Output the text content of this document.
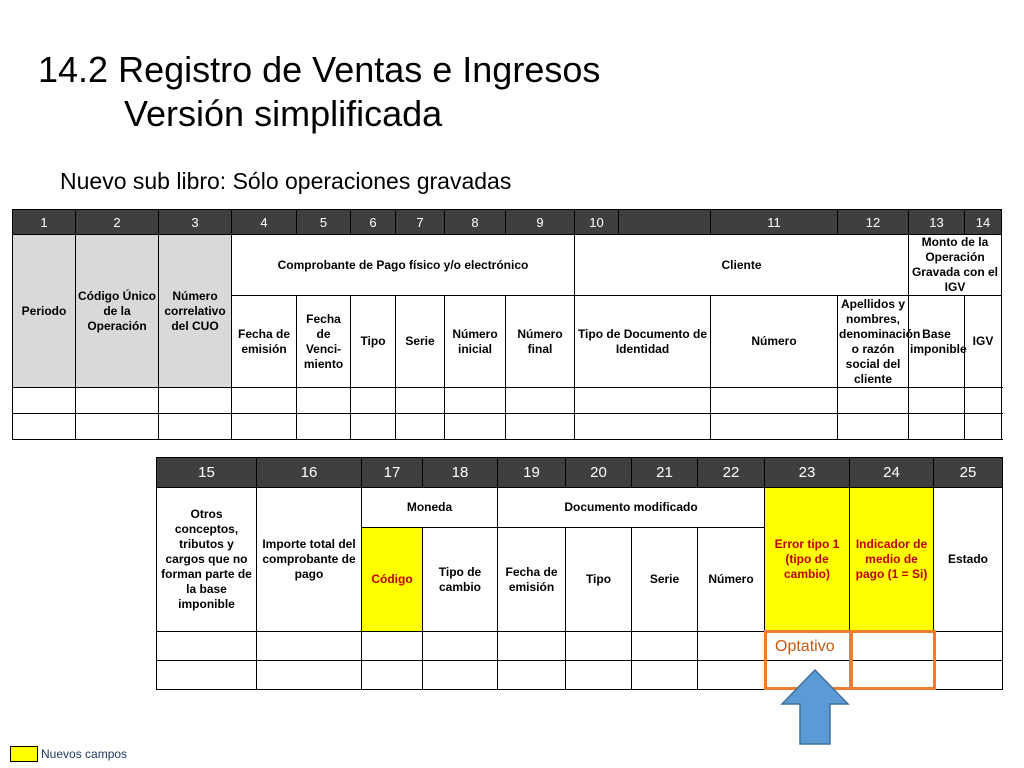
14.2 Registro de Ventas e Ingresos
Versión simplificada
Nuevo sub libro: Sólo operaciones gravadas
1	2	3	4	5	6	7	8	9	10		11	12	13	14
Periodo	Código Único de la Operación	Número correlativo del CUO	Comprobante de Pago físico y/o electrónico						Cliente				Monto de la Operación Gravada con el IGV	
			Fecha de emisión	Fecha de Venci-miento	Tipo	Serie	Número inicial	Número final	Tipo de Documento de Identidad		Número	Apellidos y nombres, denominación o razón social del cliente	Base imponible	IGV

15	16	17	18	19	20	21	22	23	24	25
Otros conceptos, tributos y cargos que no forman parte de la base imponible	Importe total del comprobante de pago	Moneda		Documento modificado				Error tipo 1 (tipo de cambio)	Indicador de medio de pago (1 = Si)	Estado
		Código	Tipo de cambio	Fecha de emisión	Tipo	Serie	Número			

Optativo
Nuevos campos
